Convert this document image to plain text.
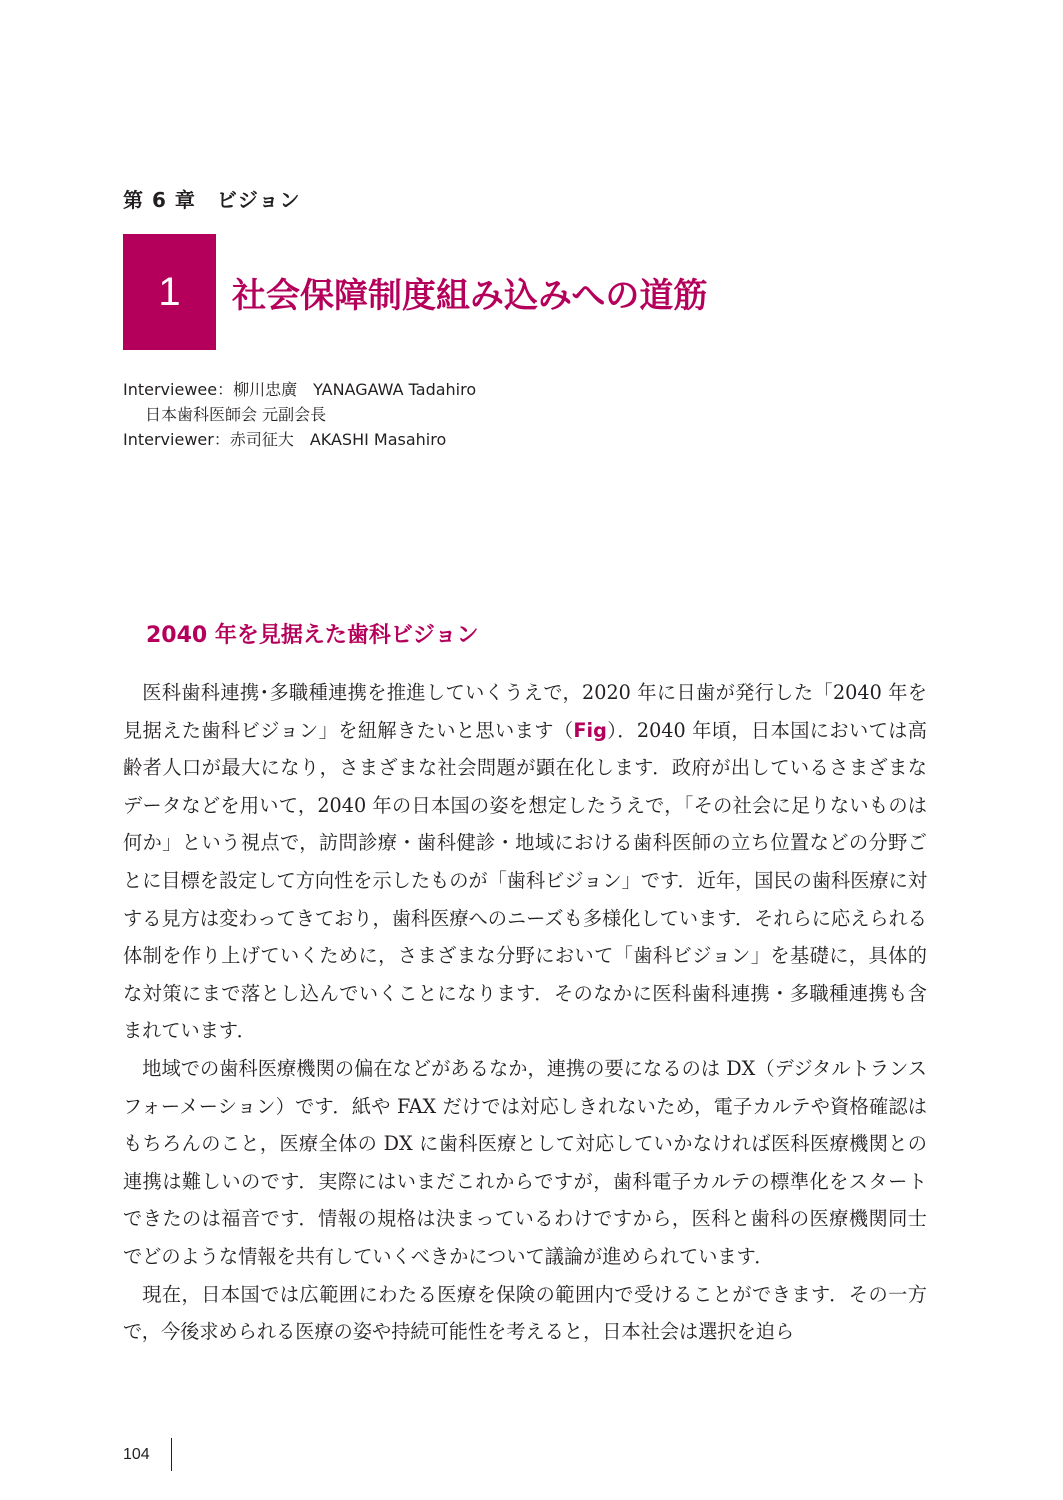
第 6 章　ビジョン
1 社会保障制度組み込みへの道筋
Interviewee：柳川忠廣　YANAGAWA Tadahiro
日本歯科医師会 元副会長
Interviewer：赤司征大　AKASHI Masahiro
2040 年を見据えた歯科ビジョン

医科歯科連携･多職種連携を推進していくうえで，2020 年に日歯が発行した「2040 年を見据えた歯科ビジョン」を紐解きたいと思います（Fig）．2040 年頃，日本国においては高齢者人口が最大になり，さまざまな社会問題が顕在化します．政府が出しているさまざまなデータなどを用いて，2040 年の日本国の姿を想定したうえで，「その社会に足りないものは何か」という視点で，訪問診療・歯科健診・地域における歯科医師の立ち位置などの分野ごとに目標を設定して方向性を示したものが「歯科ビジョン」です．近年，国民の歯科医療に対する見方は変わってきており，歯科医療へのニーズも多様化しています．それらに応えられる体制を作り上げていくために，さまざまな分野において「歯科ビジョン」を基礎に，具体的な対策にまで落とし込んでいくことになります．そのなかに医科歯科連携・多職種連携も含まれています．

地域での歯科医療機関の偏在などがあるなか，連携の要になるのは DX（デジタルトランスフォーメーション）です．紙や FAX だけでは対応しきれないため，電子カルテや資格確認はもちろんのこと，医療全体の DX に歯科医療として対応していかなければ医科医療機関との連携は難しいのです．実際にはいまだこれからですが，歯科電子カルテの標準化をスタートできたのは福音です．情報の規格は決まっているわけですから，医科と歯科の医療機関同士でどのような情報を共有していくべきかについて議論が進められています．

現在，日本国では広範囲にわたる医療を保険の範囲内で受けることができます．その一方で，今後求められる医療の姿や持続可能性を考えると，日本社会は選択を迫ら

104
